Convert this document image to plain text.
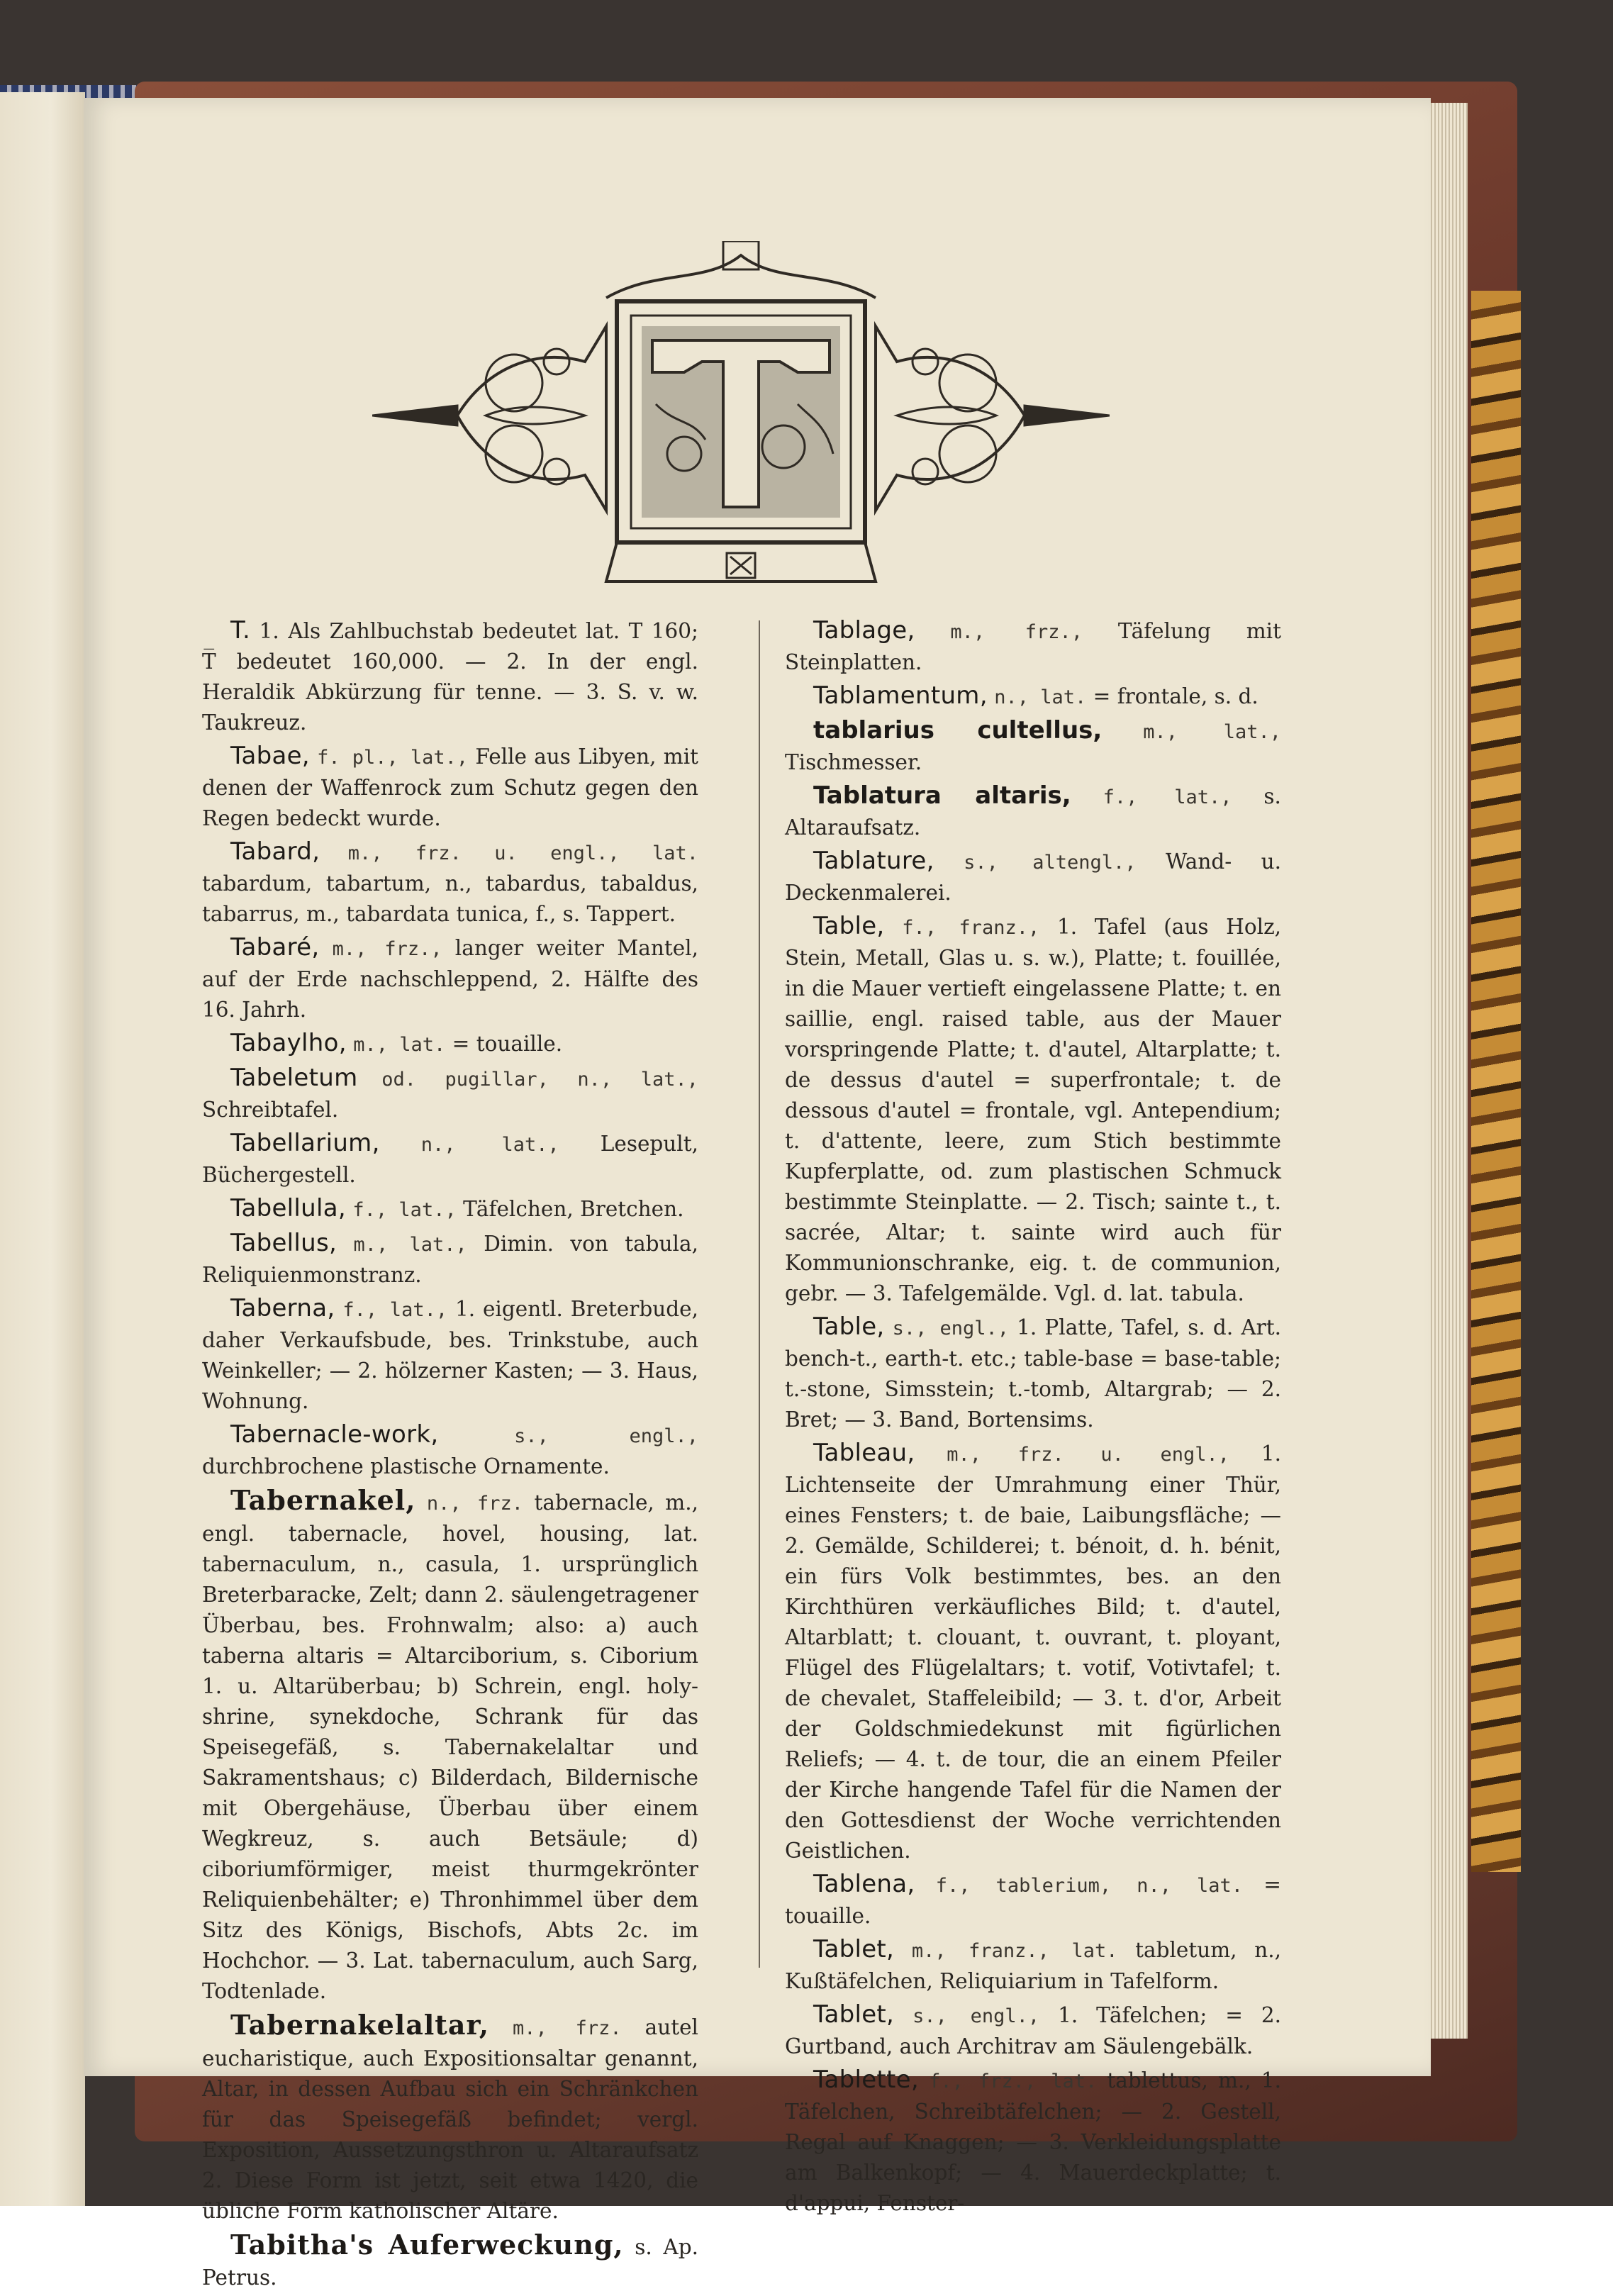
T. 1. Als Zahlbuchstab bedeutet lat. T 160; T̅ bedeutet 160,000. — 2. In der engl. Heraldik Abkürzung für tenne. — 3. S. v. w. Taukreuz.

Tabae, f. pl., lat., Felle aus Libyen, mit denen der Waffenrock zum Schutz gegen den Regen bedeckt wurde.

Tabard, m., frz. u. engl., lat. tabardum, tabartum, n., tabardus, tabaldus, tabarrus, m., tabardata tunica, f., s. Tappert.

Tabaré, m., frz., langer weiter Mantel, auf der Erde nachschleppend, 2. Hälfte des 16. Jahrh.

Tabaylho, m., lat. = touaille.

Tabeletum od. pugillar, n., lat., Schreibtafel.

Tabellarium, n., lat., Lesepult, Büchergestell.

Tabellula, f., lat., Täfelchen, Bretchen.

Tabellus, m., lat., Dimin. von tabula, Reliquienmonstranz.

Taberna, f., lat., 1. eigentl. Breterbude, daher Verkaufsbude, bes. Trinkstube, auch Weinkeller; — 2. hölzerner Kasten; — 3. Haus, Wohnung.

Tabernacle-work,	s., engl., durchbrochene plastische Ornamente.

Tabernakel, n., frz. tabernacle, m., engl. tabernacle, hovel, housing, lat. tabernaculum, n., casula, 1. ursprünglich Breterbaracke, Zelt; dann 2. säulengetragener Überbau, bes. Frohnwalm; also: a) auch taberna altaris = Altarciborium, s. Ciborium 1. u. Altarüberbau; b) Schrein, engl. holy-shrine, synekdoche, Schrank für das Speisegefäß, s. Tabernakelaltar und Sakramentshaus; c) Bilderdach, Bildernische mit Obergehäuse, Überbau über einem Wegkreuz, s. auch Betsäule; d) ciboriumförmiger, meist thurmgekrönter Reliquienbehälter; e) Thronhimmel über dem Sitz des Königs, Bischofs, Abts 2c. im Hochchor. — 3. Lat. tabernaculum, auch Sarg, Todtenlade.

Tabernakelaltar, m., frz. autel eucharistique, auch Expositionsaltar genannt, Altar, in dessen Aufbau sich ein Schränkchen für das Speisegefäß befindet; vergl. Exposition, Aussetzungsthron u. Altaraufsatz 2. Diese Form ist jetzt, seit etwa 1420, die übliche Form katholischer Altäre.

Tabitha's Auferweckung, s. Ap. Petrus.

Tablage, m., frz., Täfelung mit Steinplatten.

Tablamentum, n., lat. = frontale, s. d.

tablarius cultellus, m., lat., Tischmesser.

Tablatura altaris, f., lat., s. Altaraufsatz.

Tablature, s., altengl., Wand- u. Deckenmalerei.

Table, f., franz., 1. Tafel (aus Holz, Stein, Metall, Glas u. s. w.), Platte; t. fouillée, in die Mauer vertieft eingelassene Platte; t. en saillie, engl. raised table, aus der Mauer vorspringende Platte; t. d'autel, Altarplatte; t. de dessus d'autel = superfrontale; t. de dessous d'autel = frontale, vgl. Antependium; t. d'attente, leere, zum Stich bestimmte Kupferplatte, od. zum plastischen Schmuck bestimmte Steinplatte. — 2. Tisch; sainte t., t. sacrée, Altar; t. sainte wird auch für Kommunionschranke, eig. t. de communion, gebr. — 3. Tafelgemälde. Vgl. d. lat. tabula.

Table, s., engl., 1. Platte, Tafel, s. d. Art. bench-t., earth-t. etc.; table-base = base-table; t.-stone, Simsstein; t.-tomb, Altargrab; — 2. Bret; — 3. Band, Bortensims.

Tableau, m., frz. u. engl., 1. Lichtenseite der Umrahmung einer Thür, eines Fensters; t. de baie, Laibungsfläche; — 2. Gemälde, Schilderei; t. bénoit, d. h. bénit, ein fürs Volk bestimmtes, bes. an den Kirchthüren verkäufliches Bild; t. d'autel, Altarblatt; t. clouant, t. ouvrant, t. ployant, Flügel des Flügelaltars; t. votif, Votivtafel; t. de chevalet, Staffeleibild; — 3. t. d'or, Arbeit der Goldschmiedekunst mit figürlichen Reliefs; — 4. t. de tour, die an einem Pfeiler der Kirche hangende Tafel für die Namen der den Gottesdienst der Woche verrichtenden Geistlichen.

Tablena, f., tablerium, n., lat. = touaille.

Tablet, m., franz., lat. tabletum, n., Kußtäfelchen, Reliquiarium in Tafelform.

Tablet, s., engl., 1. Täfelchen; = 2. Gurtband, auch Architrav am Säulengebälk.

Tablette, f., frz., lat. tablettus, m., 1. Täfelchen, Schreibtäfelchen; — 2. Gestell, Regal auf Knaggen; — 3. Verkleidungsplatte am Balkenkopf; — 4. Mauerdeckplatte; t. d'appui, Fenster-
